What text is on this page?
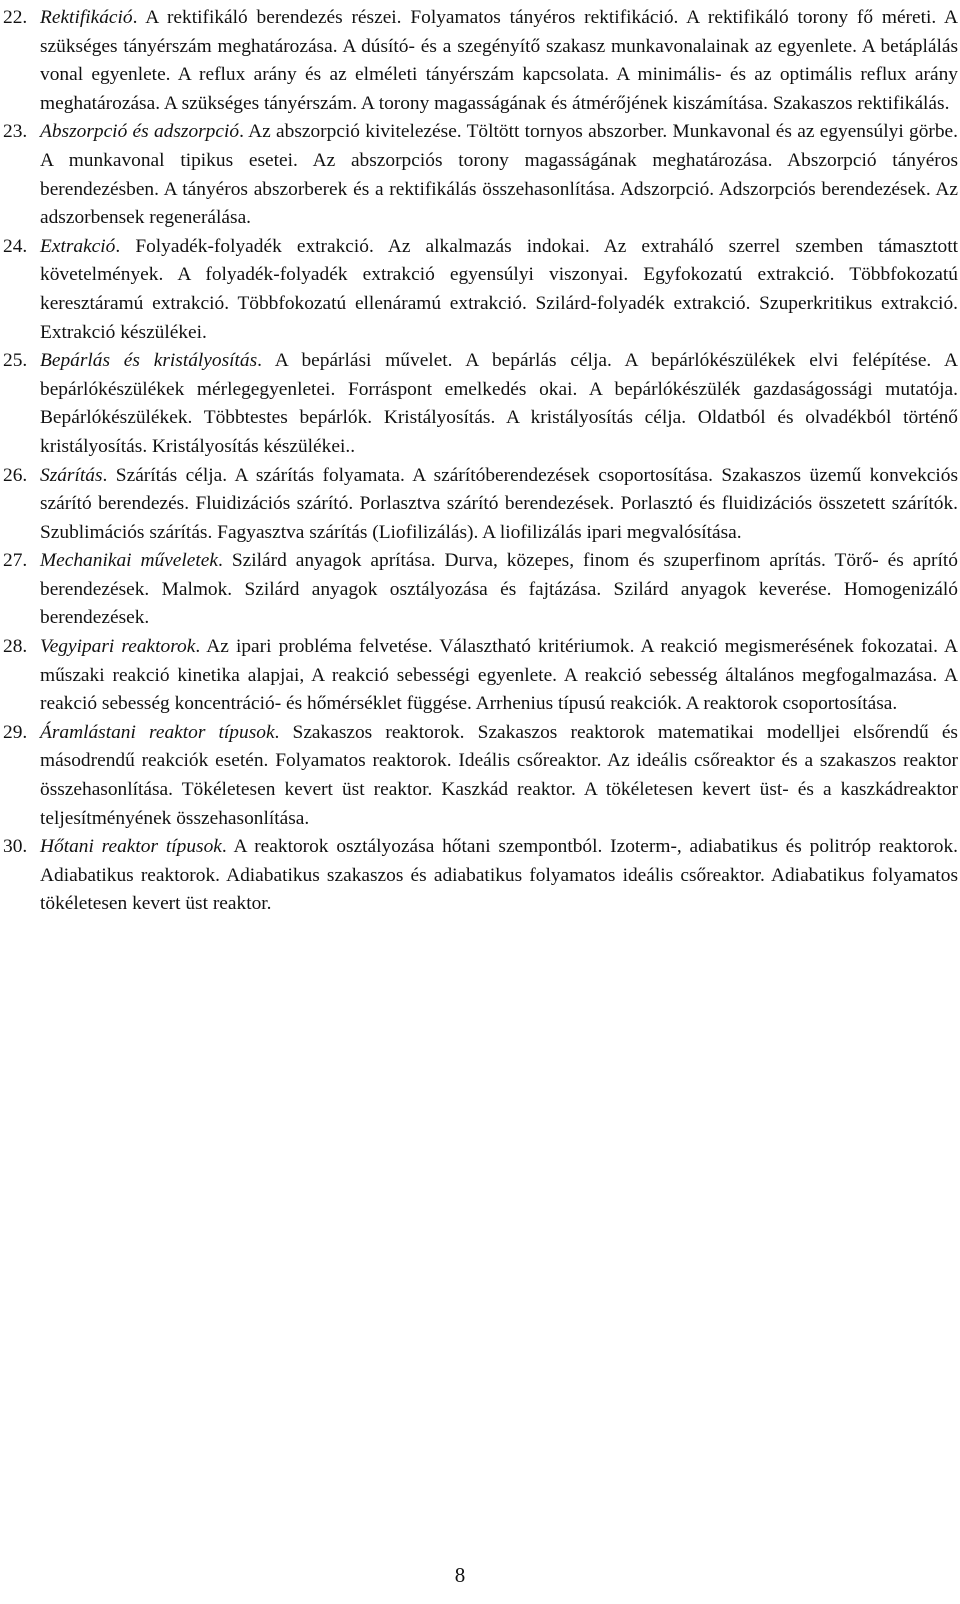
22. Rektifikáció. A rektifikáló berendezés részei. Folyamatos tányéros rektifikáció. A rektifikáló torony fő méreti. A szükséges tányérszám meghatározása. A dúsító- és a szegényítő szakasz munkavonalainak az egyenlete. A betáplálás vonal egyenlete. A reflux arány és az elméleti tányérszám kapcsolata. A minimális- és az optimális reflux arány meghatározása. A szükséges tányérszám. A torony magasságának és átmérőjének kiszámítása. Szakaszos rektifikálás.
23. Abszorpció és adszorpció. Az abszorpció kivitelezése. Töltött tornyos abszorber. Munkavonal és az egyensúlyi görbe. A munkavonal tipikus esetei. Az abszorpciós torony magasságának meghatározása. Abszorpció tányéros berendezésben. A tányéros abszorberek és a rektifikálás összehasonlítása. Adszorpció. Adszorpciós berendezések. Az adszorbensek regenerálása.
24. Extrakció. Folyadék-folyadék extrakció. Az alkalmazás indokai. Az extraháló szerrel szemben támasztott követelmények. A folyadék-folyadék extrakció egyensúlyi viszonyai. Egyfokozatú extrakció. Többfokozatú keresztáramú extrakció. Többfokozatú ellenáramú extrakció. Szilárd-folyadék extrakció. Szuperkritikus extrakció. Extrakció készülékei.
25. Bepárlás és kristályosítás. A bepárlási művelet. A bepárlás célja. A bepárlókészülékek elvi felépítése. A bepárlókészülékek mérlegegyenletei. Forráspont emelkedés okai. A bepárlókészülék gazdaságossági mutatója. Bepárlókészülékek. Többtestes bepárlók. Kristályosítás. A kristályosítás célja. Oldatból és olvadékból történő kristályosítás. Kristályosítás készülékei..
26. Szárítás. Szárítás célja. A szárítás folyamata. A szárítóberendezések csoportosítása. Szakaszos üzemű konvekciós szárító berendezés. Fluidizációs szárító. Porlasztva szárító berendezések. Porlasztó és fluidizációs összetett szárítók. Szublimációs szárítás. Fagyasztva szárítás (Liofilizálás). A liofilizálás ipari megvalósítása.
27. Mechanikai műveletek. Szilárd anyagok aprítása. Durva, közepes, finom és szuperfinom aprítás. Törő- és aprító berendezések. Malmok. Szilárd anyagok osztályozása és fajtázása. Szilárd anyagok keverése. Homogenizáló berendezések.
28. Vegyipari reaktorok. Az ipari probléma felvetése. Választható kritériumok. A reakció megismerésének fokozatai. A műszaki reakció kinetika alapjai, A reakció sebességi egyenlete. A reakció sebesség általános megfogalmazása. A reakció sebesség koncentráció- és hőmérséklet függése. Arrhenius típusú reakciók. A reaktorok csoportosítása.
29. Áramlástani reaktor típusok. Szakaszos reaktorok. Szakaszos reaktorok matematikai modelljei elsőrendű és másodrendű reakciók esetén. Folyamatos reaktorok. Ideális csőreaktor. Az ideális csőreaktor és a szakaszos reaktor összehasonlítása. Tökéletesen kevert üst reaktor. Kaszkád reaktor. A tökéletesen kevert üst- és a kaszkádreaktor teljesítményének összehasonlítása.
30. Hőtani reaktor típusok. A reaktorok osztályozása hőtani szempontból. Izoterm-, adiabatikus és politróp reaktorok. Adiabatikus reaktorok. Adiabatikus szakaszos és adiabatikus folyamatos ideális csőreaktor. Adiabatikus folyamatos tökéletesen kevert üst reaktor.
8
